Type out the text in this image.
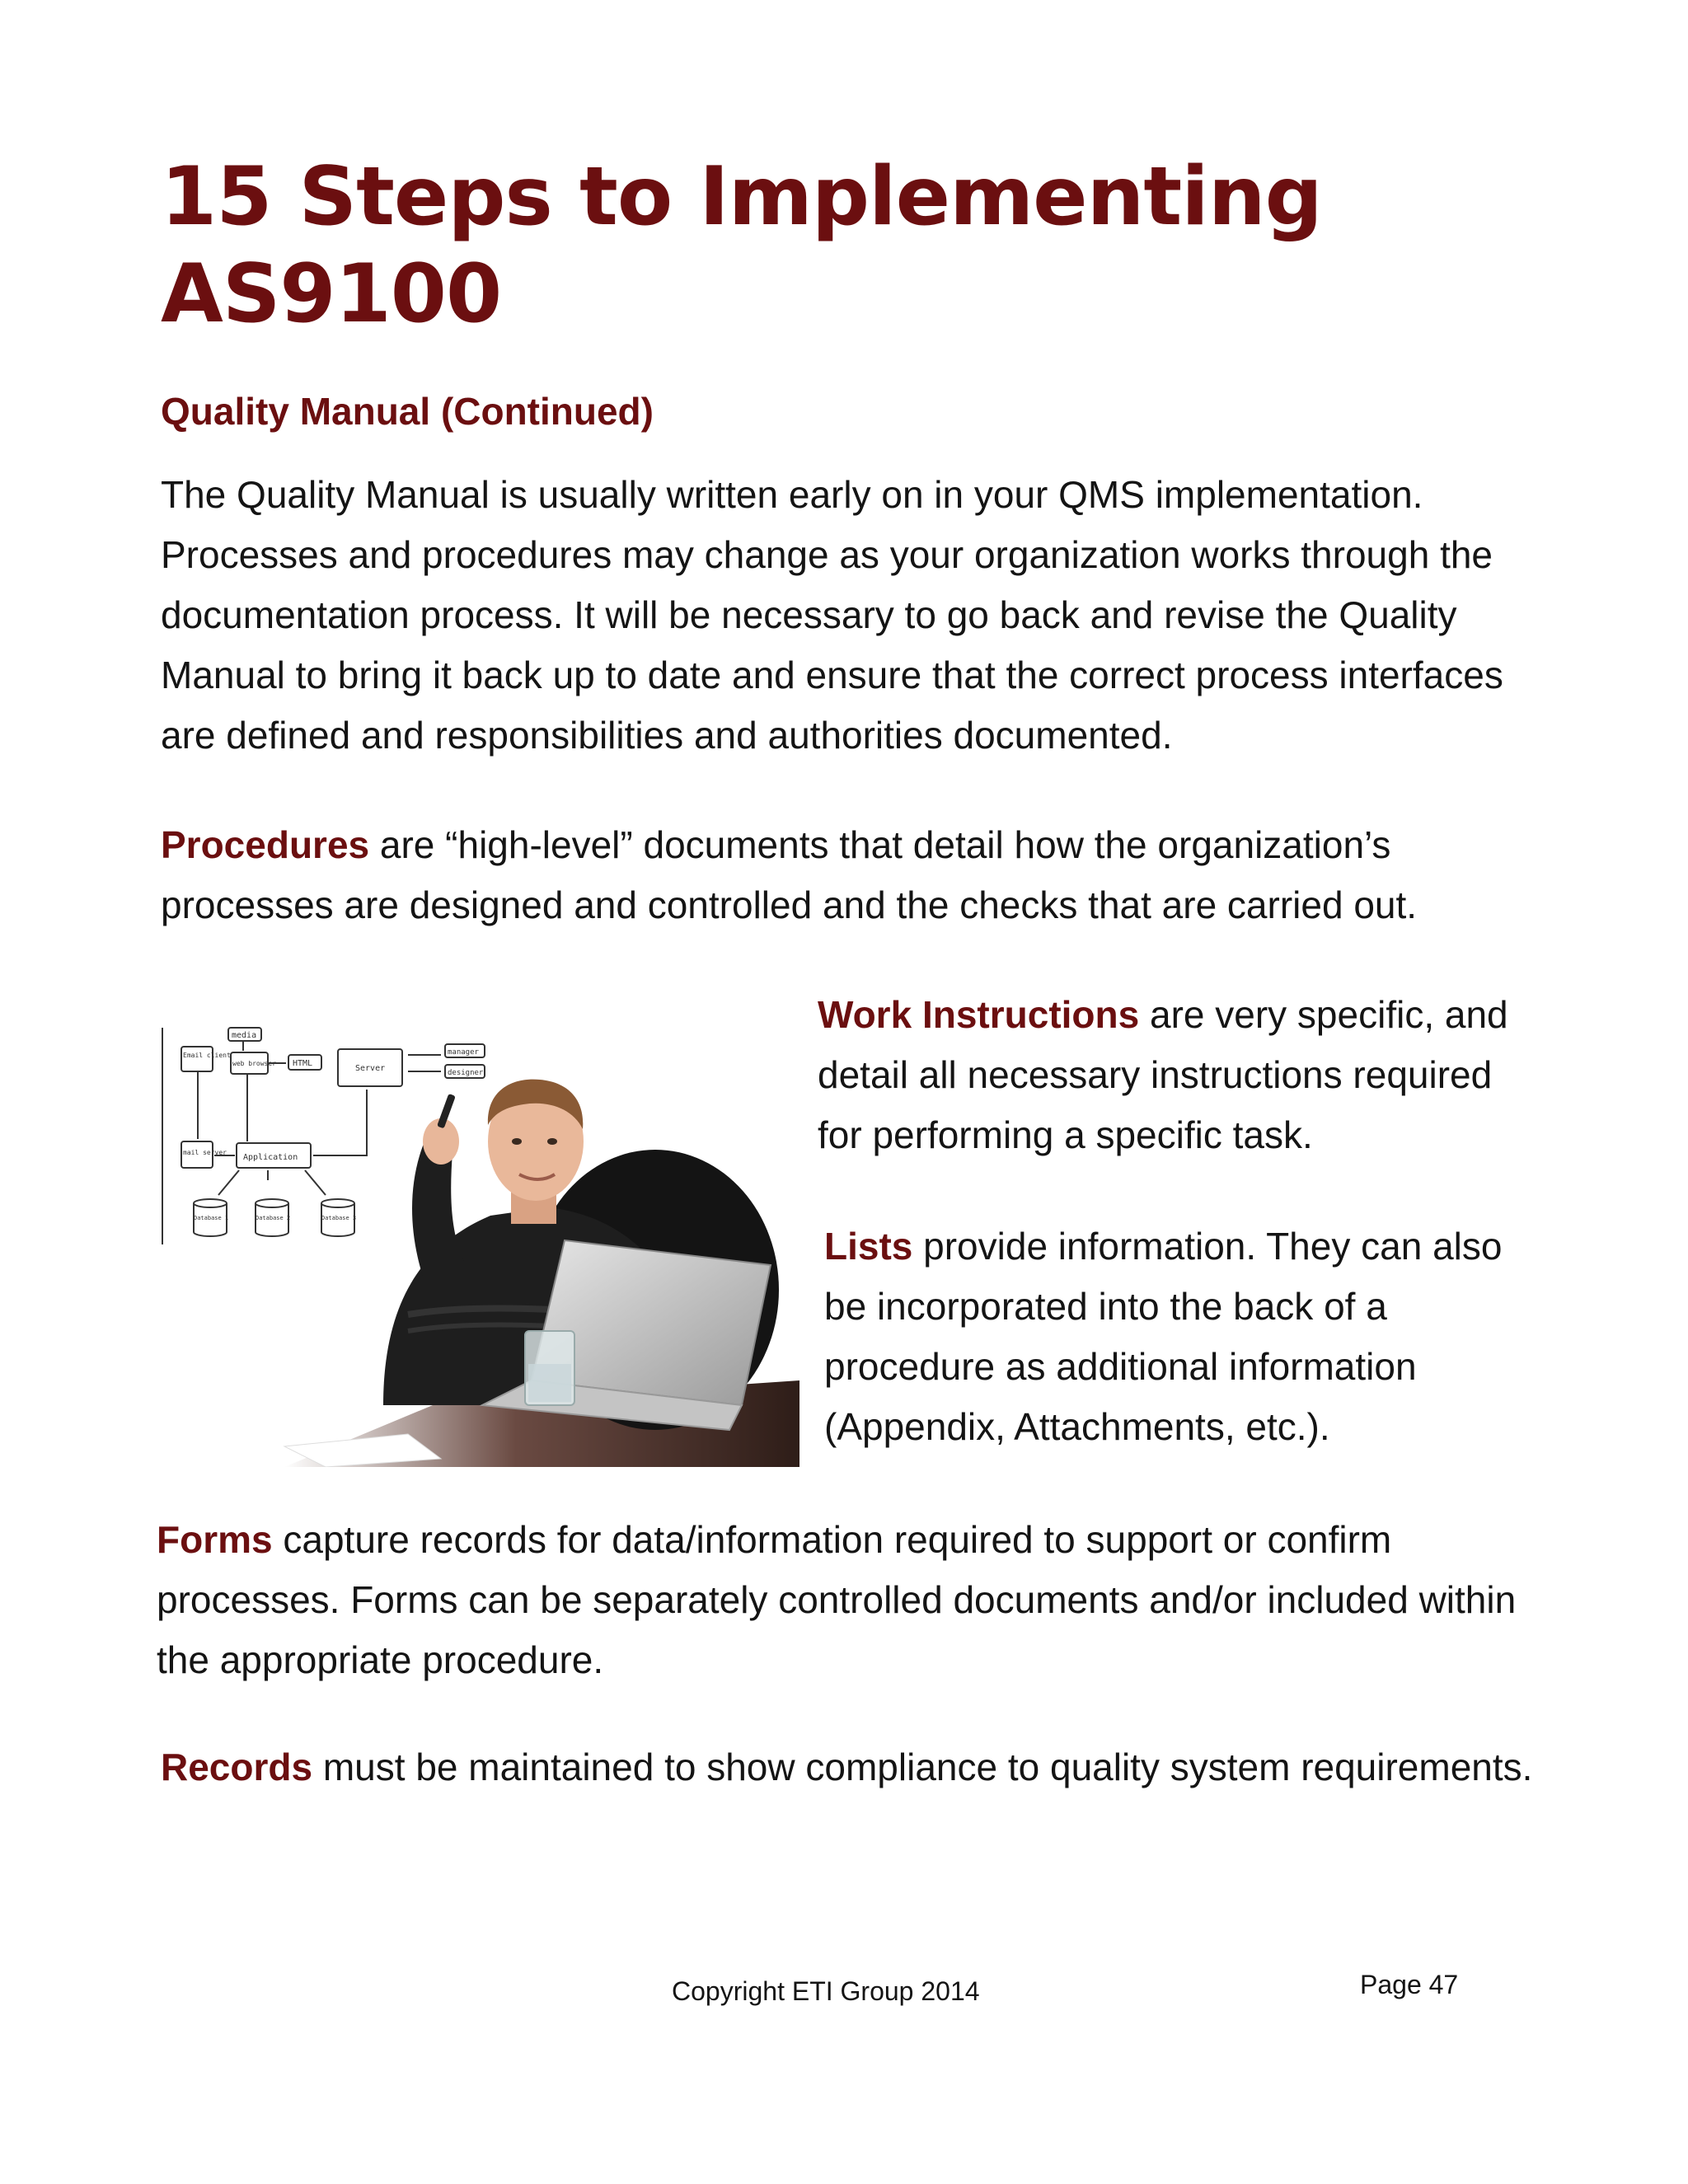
15 Steps to Implementing
AS9100
Quality Manual (Continued)

The Quality Manual is usually written early on in your QMS implementation. Processes and procedures may change as your organization works through the documentation process. It will be necessary to go back and revise the Quality Manual to bring it back up to date and ensure that the correct process interfaces are defined and responsibilities and authorities documented.

Procedures are “high-level” documents that detail how the organization’s processes are designed and controlled and the checks that are carried out.

media
Email client
web browser HTML
Server
manager
designer
mail server
Application
Database 1	Database 2	Database 3

Work Instructions are very specific, and detail all necessary instructions required for performing a specific task.

Lists provide information. They can also be incorporated into the back of a procedure as additional information (Appendix, Attachments, etc.).

Forms capture records for data/information required to support or confirm processes. Forms can be separately controlled documents and/or included within the appropriate procedure.

Records must be maintained to show compliance to quality system requirements.

Copyright ETI Group 2014	Page 47
